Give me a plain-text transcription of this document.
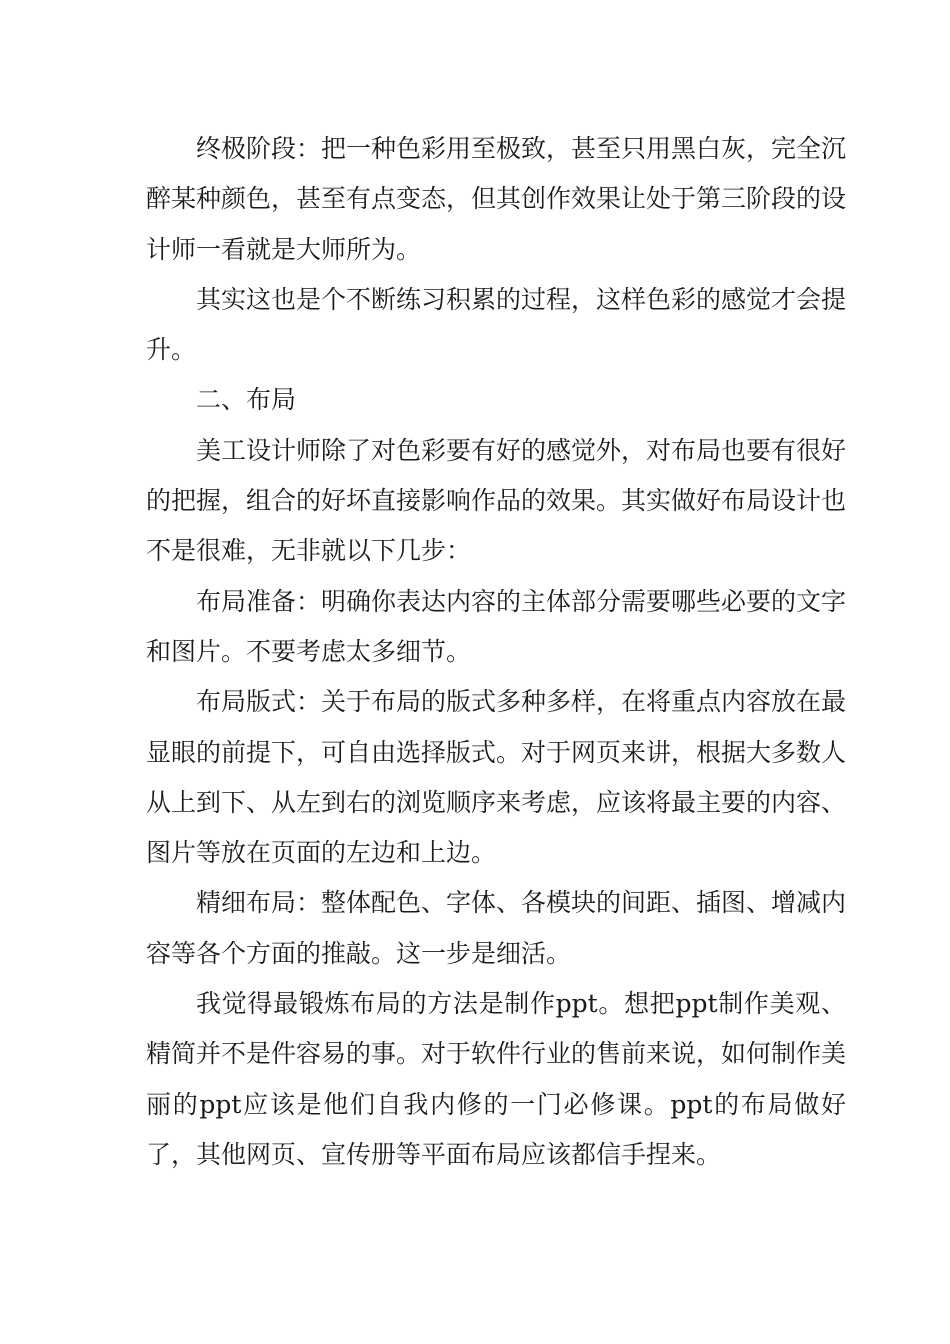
终极阶段：把一种色彩用至极致，甚至只用黑白灰，完全沉醉某种颜色，甚至有点变态，但其创作效果让处于第三阶段的设计师一看就是大师所为。

其实这也是个不断练习积累的过程，这样色彩的感觉才会提升。

二、布局

美工设计师除了对色彩要有好的感觉外，对布局也要有很好的把握，组合的好坏直接影响作品的效果。其实做好布局设计也不是很难，无非就以下几步：

布局准备：明确你表达内容的主体部分需要哪些必要的文字和图片。不要考虑太多细节。

布局版式：关于布局的版式多种多样，在将重点内容放在最显眼的前提下，可自由选择版式。对于网页来讲，根据大多数人从上到下、从左到右的浏览顺序来考虑，应该将最主要的内容、图片等放在页面的左边和上边。

精细布局：整体配色、字体、各模块的间距、插图、增减内容等各个方面的推敲。这一步是细活。

我觉得最锻炼布局的方法是制作ppt。想把ppt制作美观、精简并不是件容易的事。对于软件行业的售前来说，如何制作美丽的ppt应该是他们自我内修的一门必修课。ppt的布局做好了，其他网页、宣传册等平面布局应该都信手捏来。
